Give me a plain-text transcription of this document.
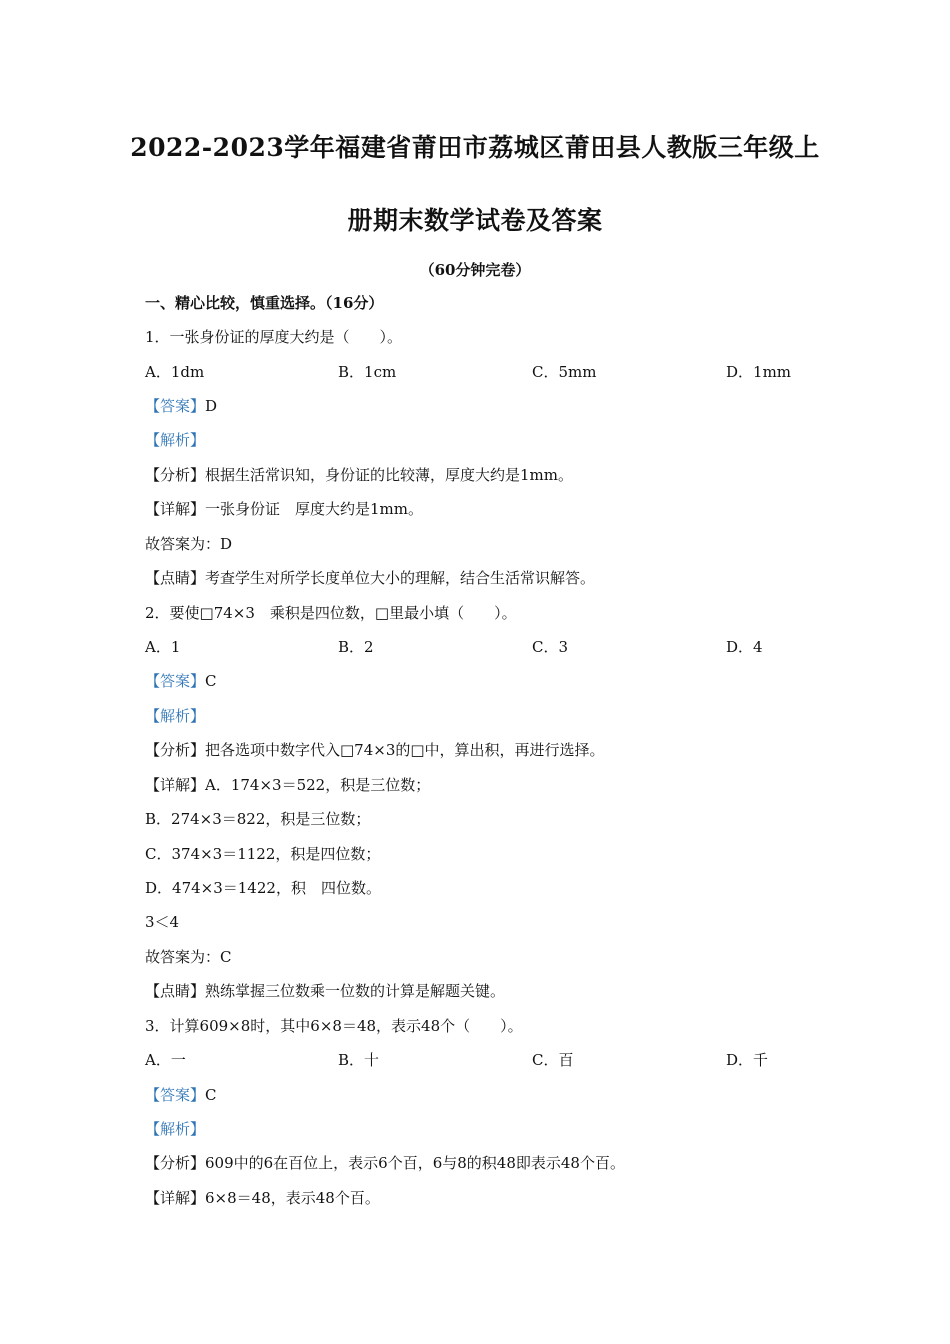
2022-2023学年福建省莆田市荔城区莆田县人教版三年级上
册期末数学试卷及答案
（60分钟完卷）
一、精心比较，慎重选择。（16分）
1．一张身份证的厚度大约是（　　）。
A．1dm	B．1cm	C．5mm	D．1mm
【答案】D
【解析】
【分析】根据生活常识知，身份证的比较薄，厚度大约是1mm。
【详解】一张身份证　厚度大约是1mm。
故答案为：D
【点睛】考查学生对所学长度单位大小的理解，结合生活常识解答。
2．要使□74×3　乘积是四位数，□里最小填（　　）。
A．1	B．2	C．3	D．4
【答案】C
【解析】
【分析】把各选项中数字代入□74×3的□中，算出积，再进行选择。
【详解】A．174×3＝522，积是三位数；
B．274×3＝822，积是三位数；
C．374×3＝1122，积是四位数；
D．474×3＝1422，积　四位数。
3＜4
故答案为：C
【点睛】熟练掌握三位数乘一位数的计算是解题关键。
3．计算609×8时，其中6×8＝48，表示48个（　　）。
A．一	B．十	C．百	D．千
【答案】C
【解析】
【分析】609中的6在百位上，表示6个百，6与8的积48即表示48个百。
【详解】6×8＝48，表示48个百。
